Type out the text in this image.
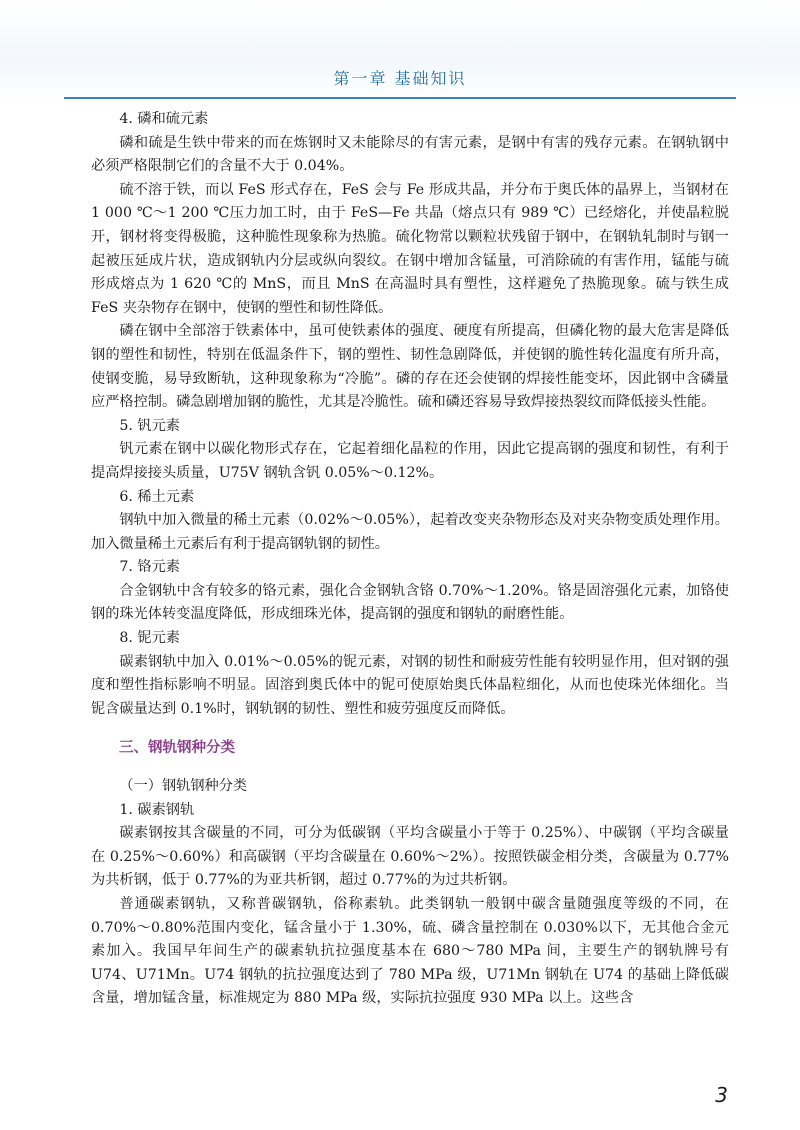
第一章 基础知识

4. 磷和硫元素

磷和硫是生铁中带来的而在炼钢时又未能除尽的有害元素，是钢中有害的残存元素。在钢轨钢中必须严格限制它们的含量不大于 0.04%。

硫不溶于铁，而以 FeS 形式存在，FeS 会与 Fe 形成共晶，并分布于奥氏体的晶界上，当钢材在 1 000 ℃～1 200 ℃压力加工时，由于 FeS—Fe 共晶（熔点只有 989 ℃）已经熔化，并使晶粒脱开，钢材将变得极脆，这种脆性现象称为热脆。硫化物常以颗粒状残留于钢中，在钢轨轧制时与钢一起被压延成片状，造成钢轨内分层或纵向裂纹。在钢中增加含锰量，可消除硫的有害作用，锰能与硫形成熔点为 1 620 ℃的 MnS，而且 MnS 在高温时具有塑性，这样避免了热脆现象。硫与铁生成 FeS 夹杂物存在钢中，使钢的塑性和韧性降低。

磷在钢中全部溶于铁素体中，虽可使铁素体的强度、硬度有所提高，但磷化物的最大危害是降低钢的塑性和韧性，特别在低温条件下，钢的塑性、韧性急剧降低，并使钢的脆性转化温度有所升高，使钢变脆，易导致断轨，这种现象称为“冷脆”。磷的存在还会使钢的焊接性能变坏，因此钢中含磷量应严格控制。磷急剧增加钢的脆性，尤其是冷脆性。硫和磷还容易导致焊接热裂纹而降低接头性能。

5. 钒元素

钒元素在钢中以碳化物形式存在，它起着细化晶粒的作用，因此它提高钢的强度和韧性，有利于提高焊接接头质量，U75V 钢轨含钒 0.05%～0.12%。

6. 稀土元素

钢轨中加入微量的稀土元素（0.02%～0.05%），起着改变夹杂物形态及对夹杂物变质处理作用。加入微量稀土元素后有利于提高钢轨钢的韧性。

7. 铬元素

合金钢轨中含有较多的铬元素，强化合金钢轨含铬 0.70%～1.20%。铬是固溶强化元素，加铬使钢的珠光体转变温度降低，形成细珠光体，提高钢的强度和钢轨的耐磨性能。

8. 铌元素

碳素钢轨中加入 0.01%～0.05%的铌元素，对钢的韧性和耐疲劳性能有较明显作用，但对钢的强度和塑性指标影响不明显。固溶到奥氏体中的铌可使原始奥氏体晶粒细化，从而也使珠光体细化。当铌含碳量达到 0.1%时，钢轨钢的韧性、塑性和疲劳强度反而降低。

三、钢轨钢种分类

（一）钢轨钢种分类

1. 碳素钢轨

碳素钢按其含碳量的不同，可分为低碳钢（平均含碳量小于等于 0.25%）、中碳钢（平均含碳量在 0.25%～0.60%）和高碳钢（平均含碳量在 0.60%～2%）。按照铁碳金相分类，含碳量为 0.77%为共析钢，低于 0.77%的为亚共析钢，超过 0.77%的为过共析钢。

普通碳素钢轨，又称普碳钢轨，俗称素轨。此类钢轨一般钢中碳含量随强度等级的不同，在 0.70%～0.80%范围内变化，锰含量小于 1.30%，硫、磷含量控制在 0.030%以下，无其他合金元素加入。我国早年间生产的碳素轨抗拉强度基本在 680～780 MPa 间，主要生产的钢轨牌号有 U74、U71Mn。U74 钢轨的抗拉强度达到了 780 MPa 级，U71Mn 钢轨在 U74 的基础上降低碳含量，增加锰含量，标准规定为 880 MPa 级，实际抗拉强度 930 MPa 以上。这些含

3
